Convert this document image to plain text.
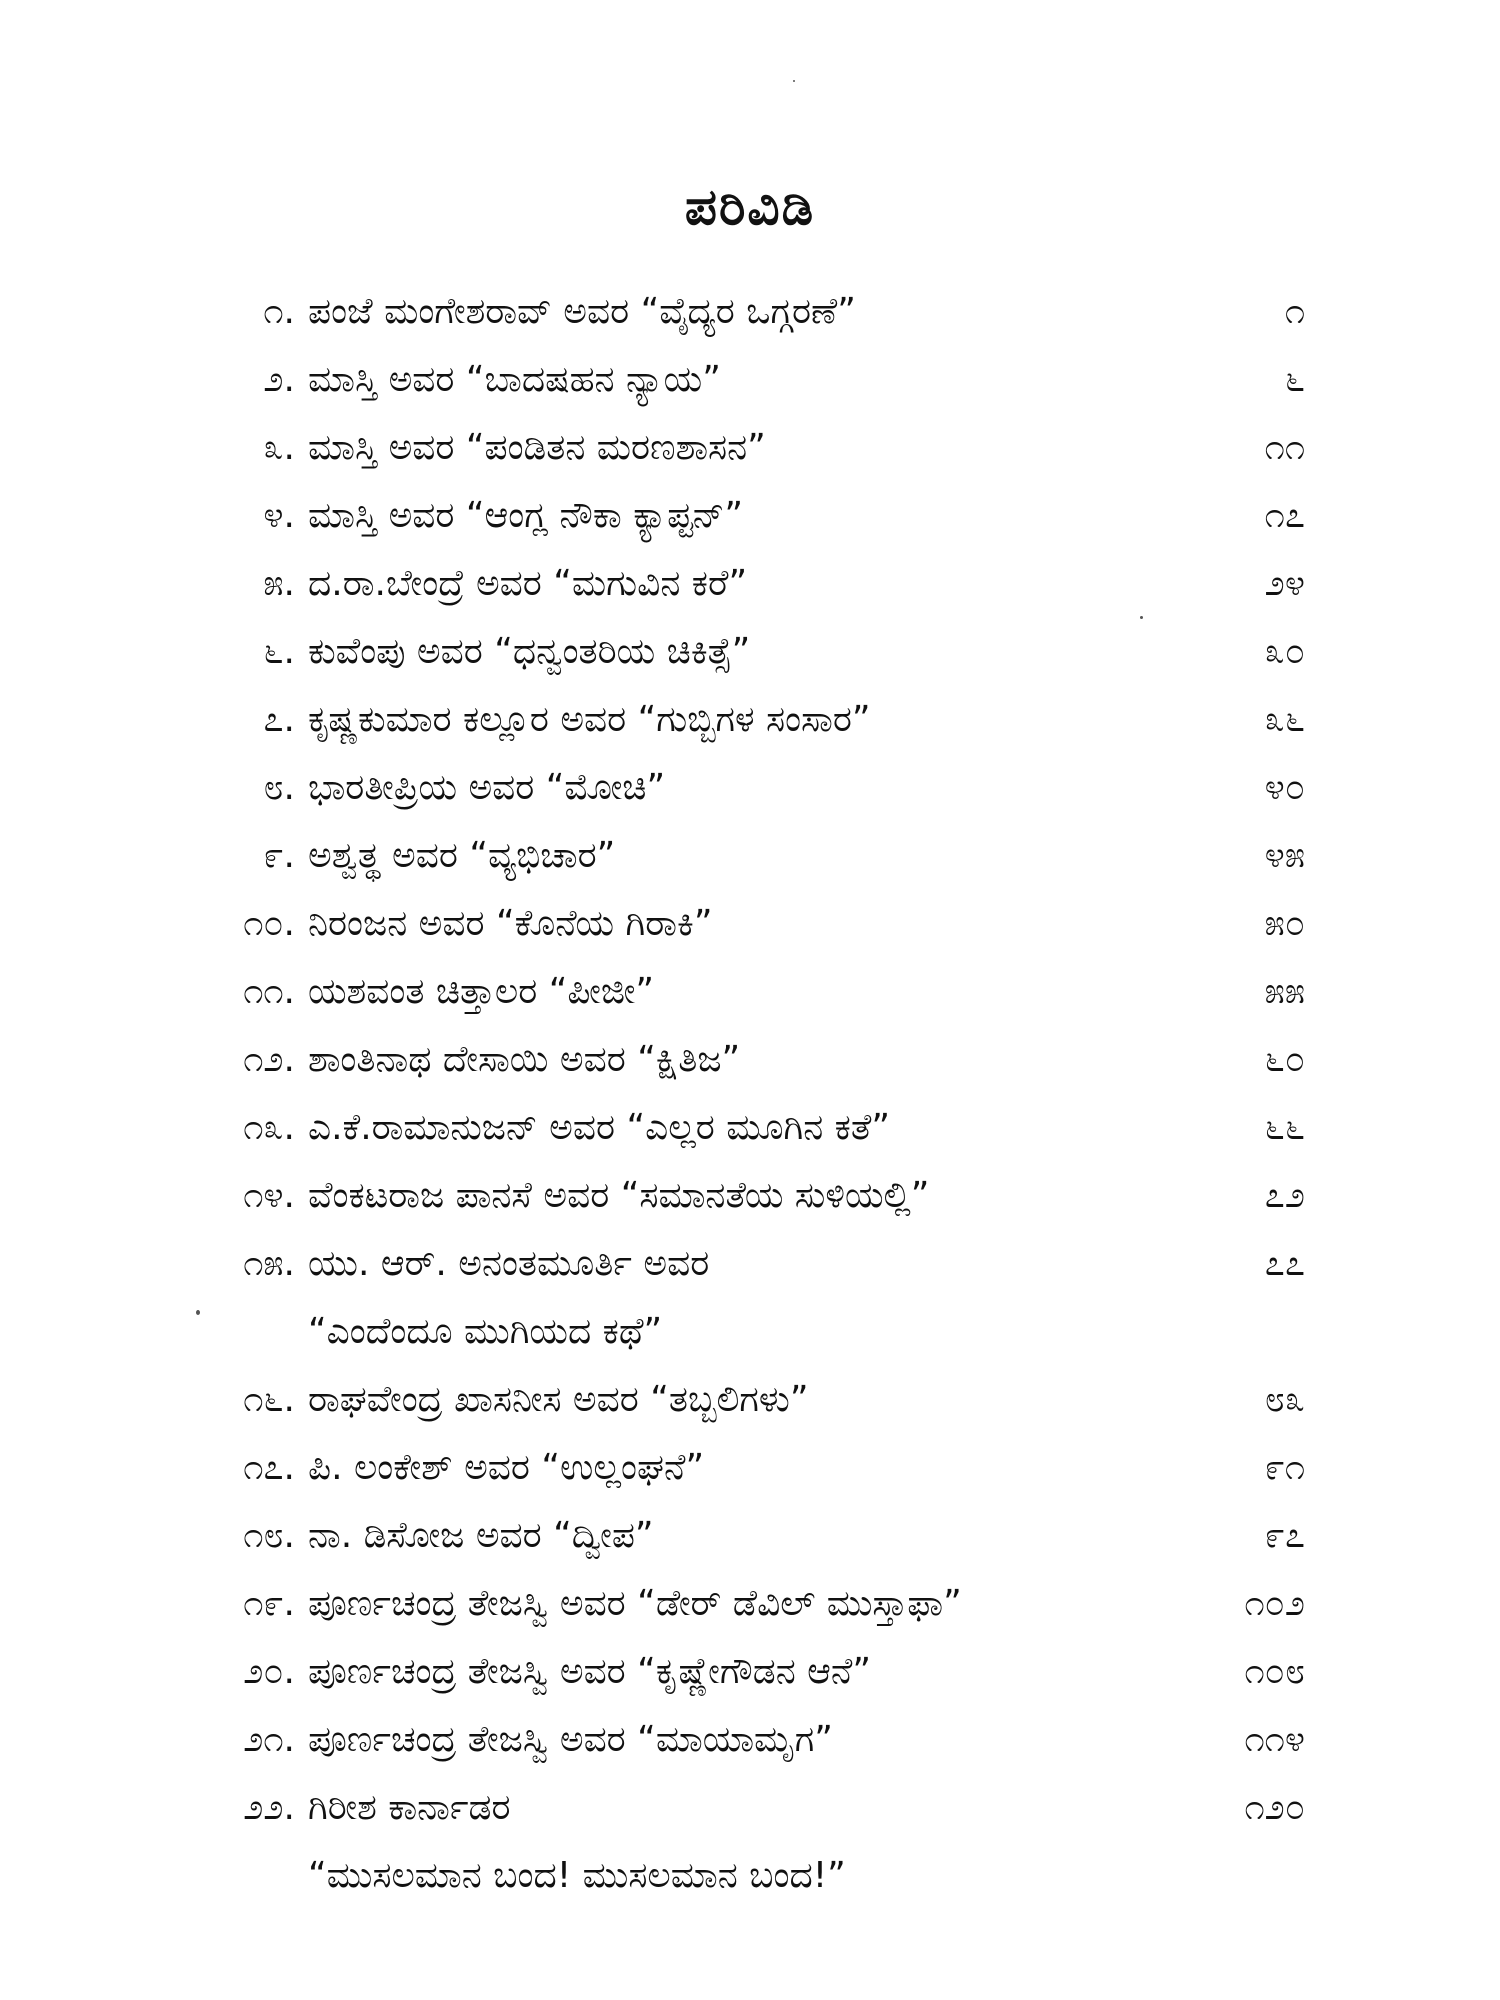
ಪರಿವಿಡಿ
೧. ಪಂಜೆ ಮಂಗೇಶರಾವ್ ಅವರ “ವೈದ್ಯರ ಒಗ್ಗರಣೆ”	೧
೨. ಮಾಸ್ತಿ ಅವರ “ಬಾದಷಹನ ನ್ಯಾಯ”	೬
೩. ಮಾಸ್ತಿ ಅವರ “ಪಂಡಿತನ ಮರಣಶಾಸನ”	೧೧
೪. ಮಾಸ್ತಿ ಅವರ “ಆಂಗ್ಲ ನೌಕಾ ಕ್ಯಾಪ್ಟನ್”	೧೭
೫. ದ.ರಾ.ಬೇಂದ್ರೆ ಅವರ “ಮಗುವಿನ ಕರೆ”	೨೪
೬. ಕುವೆಂಪು ಅವರ “ಧನ್ವಂತರಿಯ ಚಿಕಿತ್ಸೆ”	೩೦
೭. ಕೃಷ್ಣಕುಮಾರ ಕಲ್ಲೂರ ಅವರ “ಗುಬ್ಬಿಗಳ ಸಂಸಾರ”	೩೬
೮. ಭಾರತೀಪ್ರಿಯ ಅವರ “ಮೋಚಿ”	೪೦
೯. ಅಶ್ವತ್ಥ ಅವರ “ವ್ಯಭಿಚಾರ”	೪೫
೧೦. ನಿರಂಜನ ಅವರ “ಕೊನೆಯ ಗಿರಾಕಿ”	೫೦
೧೧. ಯಶವಂತ ಚಿತ್ತಾಲರ “ಪೀಜೀ”	೫೫
೧೨. ಶಾಂತಿನಾಥ ದೇಸಾಯಿ ಅವರ “ಕ್ಷಿತಿಜ”	೬೦
೧೩. ಎ.ಕೆ.ರಾಮಾನುಜನ್ ಅವರ “ಎಲ್ಲರ ಮೂಗಿನ ಕತೆ”	೬೬
೧೪. ವೆಂಕಟರಾಜ ಪಾನಸೆ ಅವರ “ಸಮಾನತೆಯ ಸುಳಿಯಲ್ಲಿ”	೭೨
೧೫. ಯು. ಆರ್. ಅನಂತಮೂರ್ತಿ ಅವರ	೭೭
“ಎಂದೆಂದೂ ಮುಗಿಯದ ಕಥೆ”
೧೬. ರಾಘವೇಂದ್ರ ಖಾಸನೀಸ ಅವರ “ತಬ್ಬಲಿಗಳು”	೮೩
೧೭. ಪಿ. ಲಂಕೇಶ್ ಅವರ “ಉಲ್ಲಂಘನೆ”	೯೧
೧೮. ನಾ. ಡಿಸೋಜ ಅವರ “ದ್ವೀಪ”	೯೭
೧೯. ಪೂರ್ಣಚಂದ್ರ ತೇಜಸ್ವಿ ಅವರ “ಡೇರ್ ಡೆವಿಲ್ ಮುಸ್ತಾಫಾ”	೧೦೨
೨೦. ಪೂರ್ಣಚಂದ್ರ ತೇಜಸ್ವಿ ಅವರ “ಕೃಷ್ಣೇಗೌಡನ ಆನೆ”	೧೦೮
೨೧. ಪೂರ್ಣಚಂದ್ರ ತೇಜಸ್ವಿ ಅವರ “ಮಾಯಾಮೃಗ”	೧೧೪
೨೨. ಗಿರೀಶ ಕಾರ್ನಾಡರ	೧೨೦
“ಮುಸಲಮಾನ ಬಂದ! ಮುಸಲಮಾನ ಬಂದ!”
